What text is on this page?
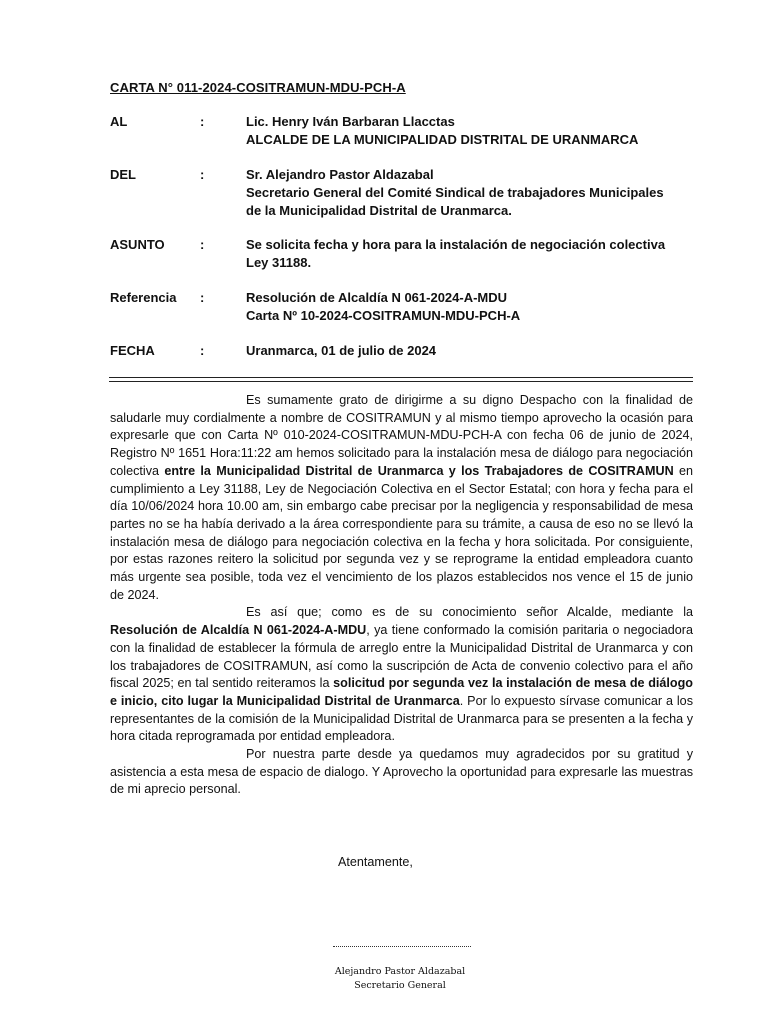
CARTA N° 011-2024-COSITRAMUN-MDU-PCH-A
AL	:	Lic. Henry Iván Barbaran Llacctas
ALCALDE DE LA MUNICIPALIDAD DISTRITAL DE URANMARCA
DEL	:	Sr. Alejandro Pastor Aldazabal
Secretario General del Comité Sindical de trabajadores Municipales
de la Municipalidad Distrital de Uranmarca.
ASUNTO	:	Se solicita fecha y hora para la instalación de negociación colectiva
Ley 31188.
Referencia	:	Resolución de Alcaldía N 061-2024-A-MDU
Carta Nº 10-2024-COSITRAMUN-MDU-PCH-A
FECHA	:	Uranmarca, 01 de julio de 2024

Es sumamente grato de dirigirme a su digno Despacho con la finalidad de saludarle muy cordialmente a nombre de COSITRAMUN y al mismo tiempo aprovecho la ocasión para expresarle que con Carta Nº 010-2024-COSITRAMUN-MDU-PCH-A con fecha 06 de junio de 2024, Registro Nº 1651 Hora:11:22 am hemos solicitado para la instalación mesa de diálogo para negociación colectiva entre la Municipalidad Distrital de Uranmarca y los Trabajadores de COSITRAMUN en cumplimiento a Ley 31188, Ley de Negociación Colectiva en el Sector Estatal; con hora y fecha para el día 10/06/2024 hora 10.00 am, sin embargo cabe precisar por la negligencia y responsabilidad de mesa partes no se ha había derivado a la área correspondiente para su trámite, a causa de eso no se llevó la instalación mesa de diálogo para negociación colectiva en la fecha y hora solicitada. Por consiguiente, por estas razones reitero la solicitud por segunda vez y se reprograme la entidad empleadora cuanto más urgente sea posible, toda vez el vencimiento de los plazos establecidos nos vence el 15 de junio de 2024.

Es así que; como es de su conocimiento señor Alcalde, mediante la Resolución de Alcaldía N 061-2024-A-MDU, ya tiene conformado la comisión paritaria o negociadora con la finalidad de establecer la fórmula de arreglo entre la Municipalidad Distrital de Uranmarca y con los trabajadores de COSITRAMUN, así como la suscripción de Acta de convenio colectivo para el año fiscal 2025; en tal sentido reiteramos la solicitud por segunda vez la instalación de mesa de diálogo e inicio, cito lugar la Municipalidad Distrital de Uranmarca. Por lo expuesto sírvase comunicar a los representantes de la comisión de la Municipalidad Distrital de Uranmarca para se presenten a la fecha y hora citada reprogramada por entidad empleadora.

Por nuestra parte desde ya quedamos muy agradecidos por su gratitud y asistencia a esta mesa de espacio de dialogo. Y Aprovecho la oportunidad para expresarle las muestras de mi aprecio personal.

Atentamente,
Alejandro Pastor Aldazabal
Secretario General
